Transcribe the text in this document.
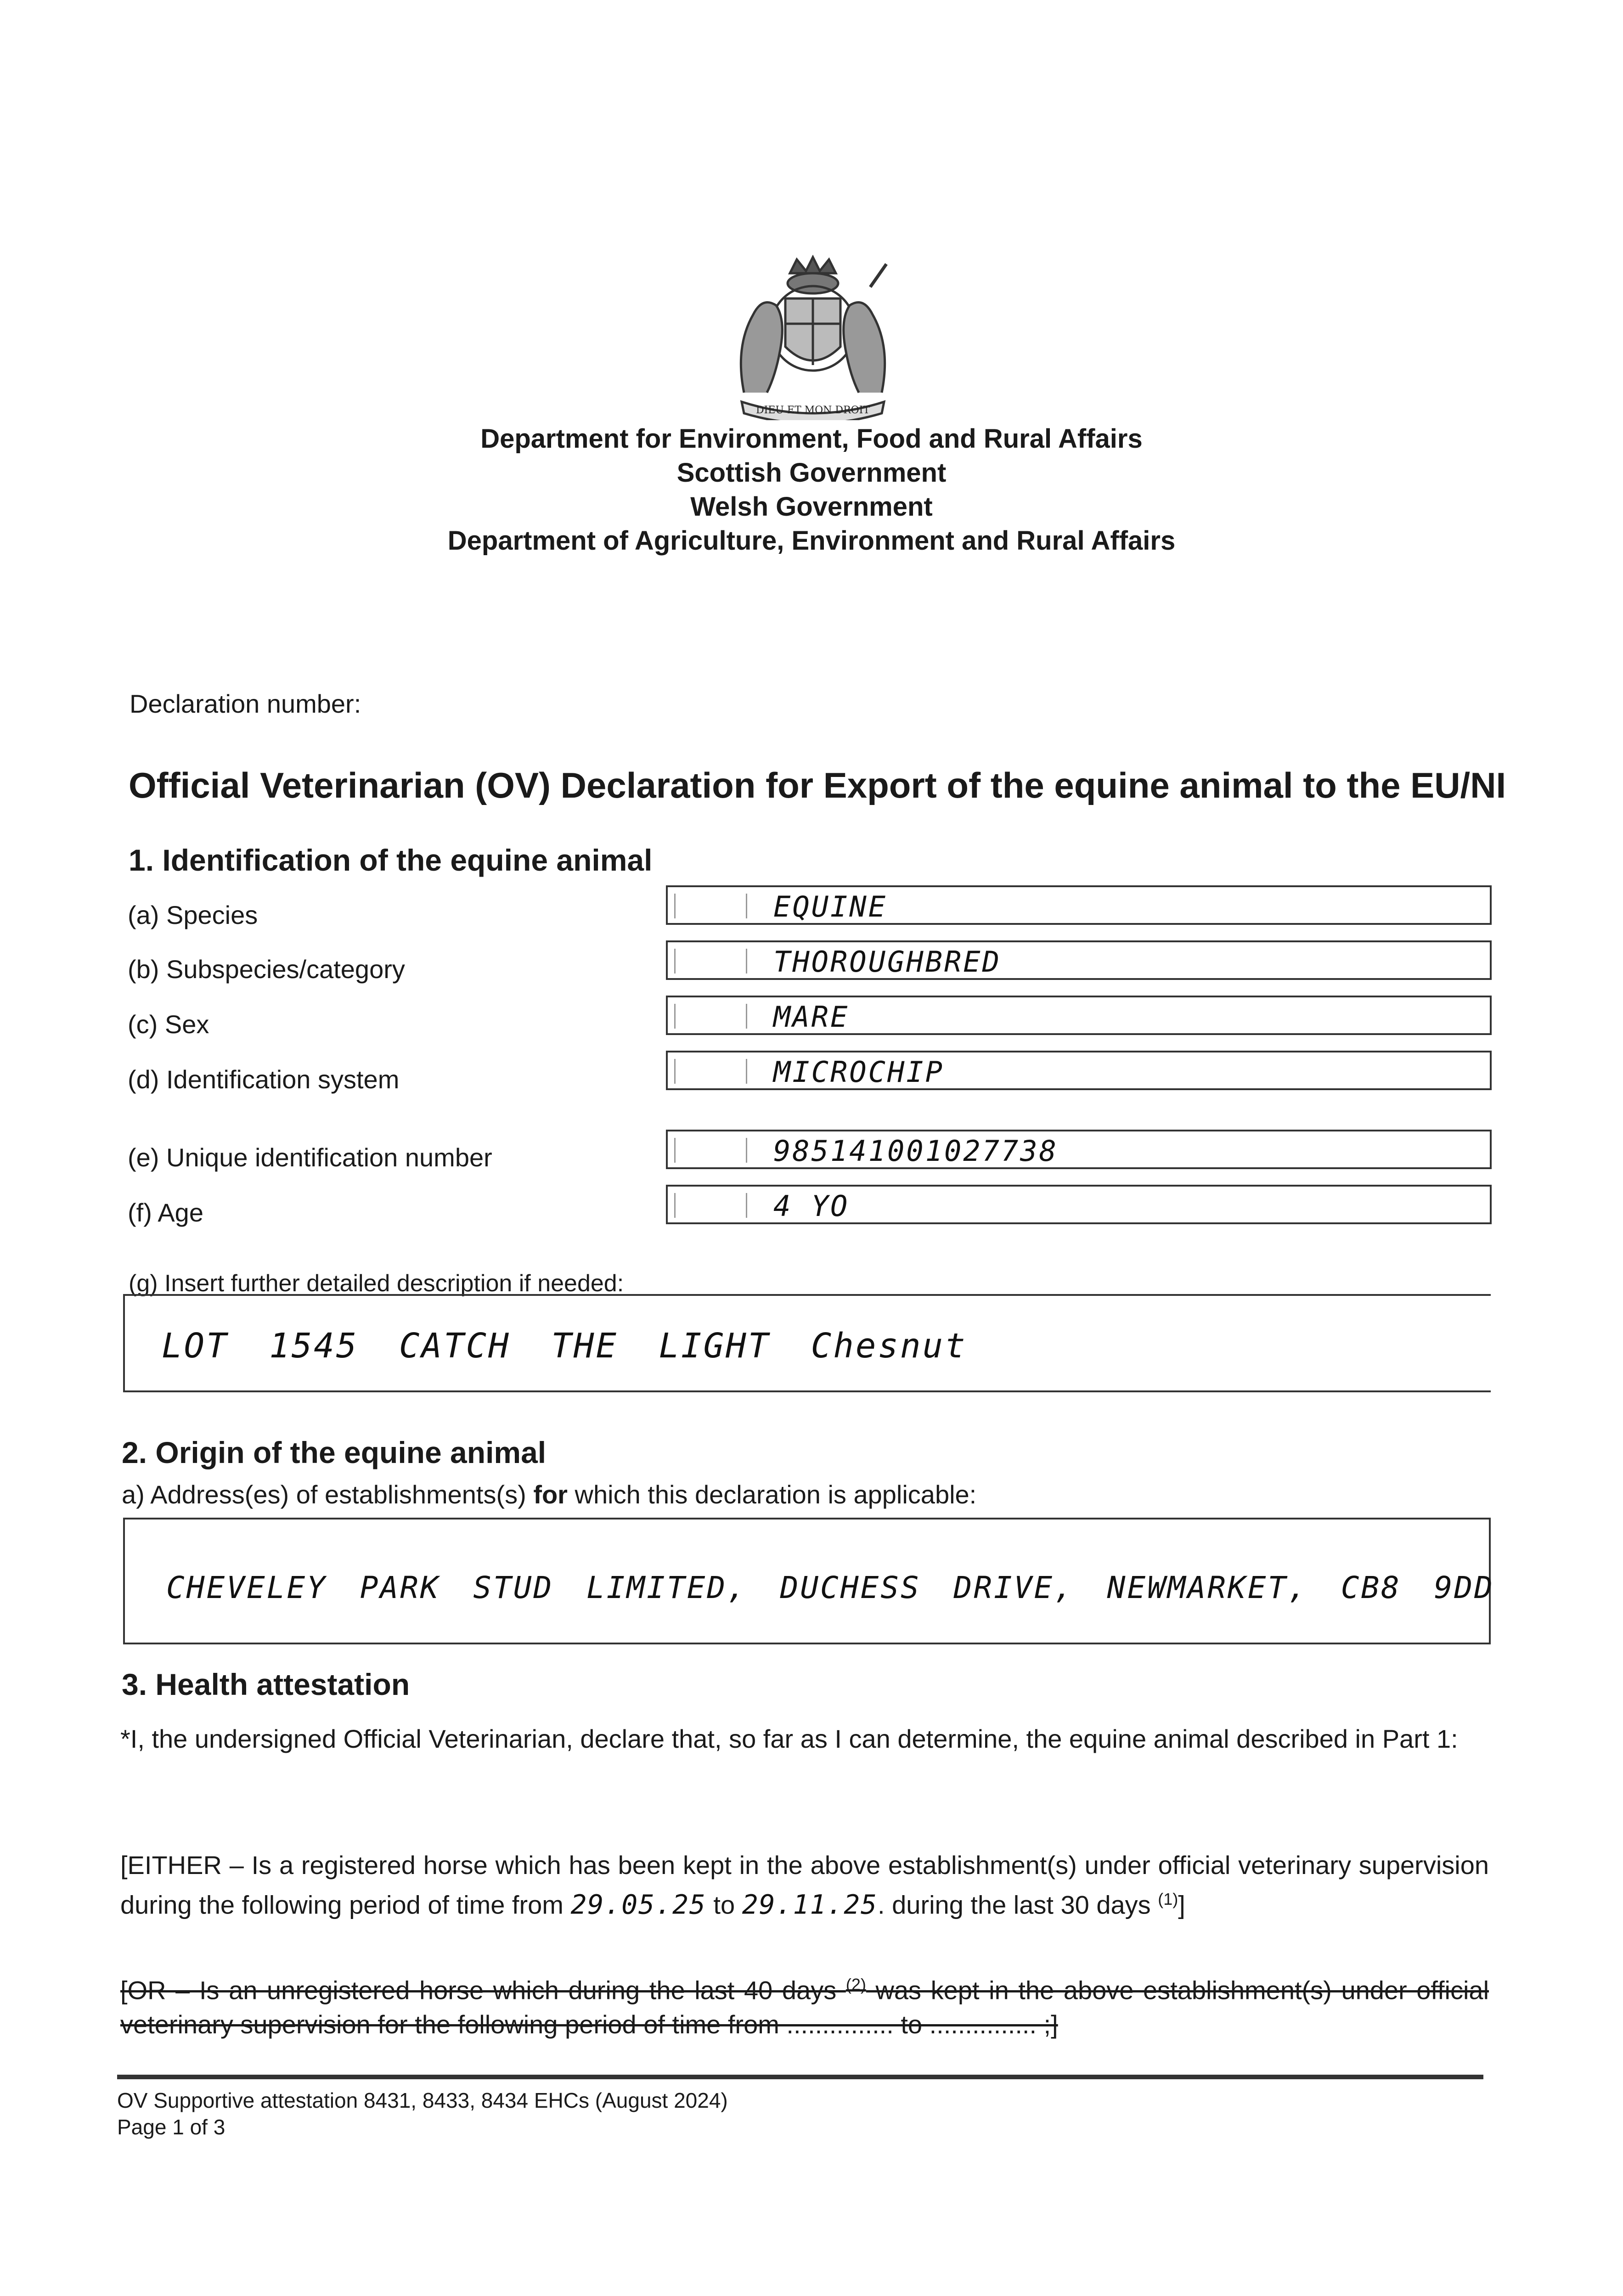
DIEU ET MON DROIT
Department for Environment, Food and Rural Affairs
Scottish Government
Welsh Government
Department of Agriculture, Environment and Rural Affairs
Declaration number:
Official Veterinarian (OV) Declaration for Export of the equine animal to the EU/NI
1. Identification of the equine animal
(a) Species	EQUINE
(b) Subspecies/category	THOROUGHBRED
(c) Sex	MARE
(d) Identification system	MICROCHIP
(e) Unique identification number	985141001027738
(f) Age	4 YO
(g) Insert further detailed description if needed:
LOT 1545 CATCH THE LIGHT Chesnut
2. Origin of the equine animal
a) Address(es) of establishments(s) for which this declaration is applicable:
CHEVELEY PARK STUD LIMITED, DUCHESS DRIVE, NEWMARKET, CB8 9DD
3. Health attestation
*I, the undersigned Official Veterinarian, declare that, so far as I can determine, the equine animal described in Part 1:
[EITHER – Is a registered horse which has been kept in the above establishment(s) under official veterinary supervision during the following period of time from 29.05.25 to 29.11.25. during the last 30 days $^{(1)}$]
[OR – Is an unregistered horse which during the last 40 days $^{(2)}$ was kept in the above establishment(s) under official veterinary supervision for the following period of time from ............... to ............... ;]
OV Supportive attestation 8431, 8433, 8434 EHCs (August 2024)
Page 1 of 3
